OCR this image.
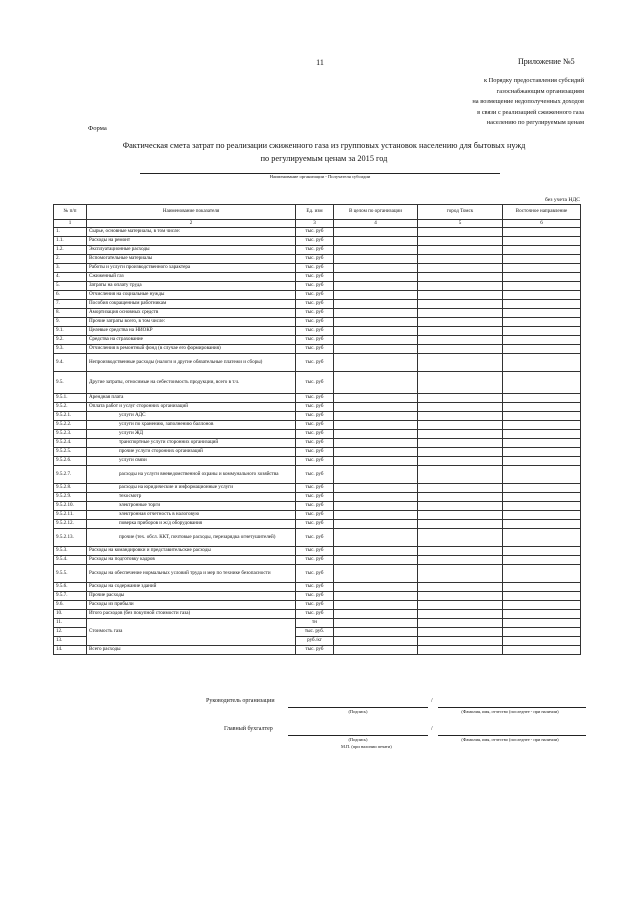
11	Приложение №5
к Порядку предоставления субсидий
газоснабжающим организациям
на возмещение недополученных доходов
в связи с реализацией сжиженного газа
населению по регулируемым ценам
Форма
Фактическая смета затрат по реализации сжиженного газа из групповых установок населению для бытовых нужд
по регулируемым ценам за 2015 год
Наименование организации - Получателя субсидии
без учета НДС
№ п/п	Наименование показателя	Ед. изм	В целом по организации	город Томск	Восточное направление
1	2	3	4	5	6
1.	Сырье, основные материалы, в том числе:	тыс. руб			
1.1.	Расходы на ремонт	тыс. руб			
1.2.	Эксплуатационные расходы	тыс. руб			
2.	Вспомогательные материалы	тыс. руб			
3.	Работы и услуги производственного характера	тыс. руб			
4.	Сжиженный газ	тыс. руб			
5.	Затраты на оплату труда	тыс. руб			
6.	Отчисления на социальные нужды	тыс. руб			
7.	Пособия сокращенным работникам	тыс. руб			
8.	Амортизация основных средств	тыс. руб			
9.	Прочие затраты всего, в том числе:	тыс. руб			
9.1.	Целевые средства на НИОКР	тыс. руб			
9.2.	Средства на страхование	тыс. руб			
9.3.	Отчисления в ремонтный фонд (в случае его формирования)	тыс. руб			
9.4.	Непроизводственные расходы (налоги и другие обязательные платежи и сборы)	тыс. руб			
9.5.	Другие затраты, относимые на себестоимость продукции, всего в т.ч.	тыс. руб			
9.5.1.	Арендная плата	тыс. руб			
9.5.2.	Оплата работ и услуг сторонних организаций	тыс. руб			
9.5.2.1.	услуги АДС	тыс. руб			
9.5.2.2.	услуги по хранению, заполнению баллонов	тыс. руб			
9.5.2.3.	услуги ЖД	тыс. руб			
9.5.2.4.	транспортные услуги сторонних организаций	тыс. руб			
9.5.2.5.	прочие услуги сторонних организаций	тыс. руб			
9.5.2.6.	услуги связи	тыс. руб			
9.5.2.7.	расходы на услуги вневедомственной охраны и коммунального хозяйства	тыс. руб			
9.5.2.8.	расходы на юридические и информационные услуги	тыс. руб			
9.5.2.9.	техосмотр	тыс. руб			
9.5.2.10.	электронные торги	тыс. руб			
9.5.2.11.	электронная отчетность в налоговую	тыс. руб			
9.5.2.12.	поверка приборов и ж/д оборудования	тыс. руб			
9.5.2.13.	прочие (тех. обсл. ККТ, почтовые расходы, перезарядка огнетушителей)	тыс. руб			
9.5.3.	Расходы на командировки и представительские расходы	тыс. руб			
9.5.4.	Расходы на подготовку кадров	тыс. руб			
9.5.5.	Расходы на обеспечение нормальных условий труда и мер по технике безопасности	тыс. руб			
9.5.6.	Расходы на содержание зданий	тыс. руб			
9.5.7.	Прочие расходы	тыс. руб			
9.6.	Расходы из прибыли	тыс. руб			
10.	Итого расходов (без покупной стоимости газа)	тыс. руб			
11.	Стоимость газа	тн			
12.		тыс. руб.			
13.		руб./кг			
14.	Всего расходы	тыс. руб			
Руководитель организации	/
(Подпись)	(Фамилия, имя, отчество (последнее - при наличии)
Главный бухгалтер	/
(Подпись)	(Фамилия, имя, отчество (последнее - при наличии)
М.П. (при наличии печати)
